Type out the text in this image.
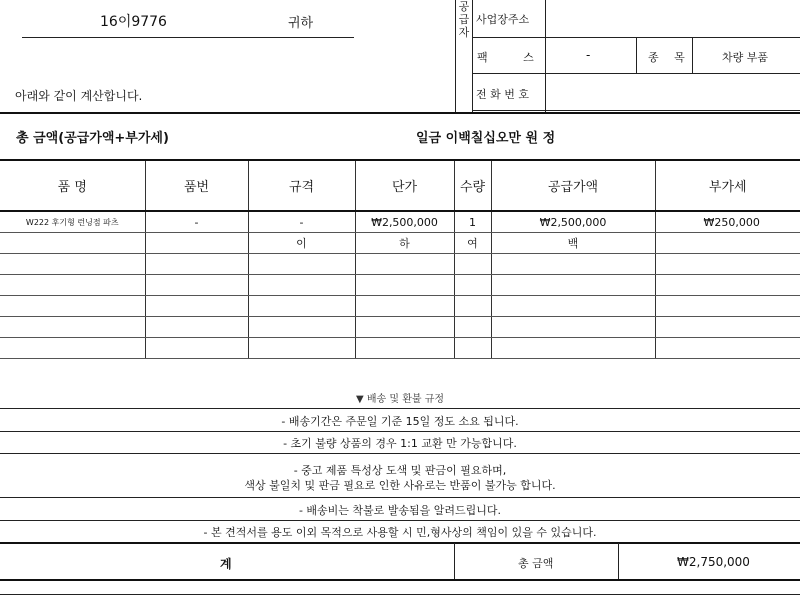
16이9776	귀하
아래와 같이 계산합니다.
공급자
사업장주소
팩 스	-	종 목	차량 부품
전 화 번 호
총 금액(공급가액+부가세)	일금 이백칠십오만 원 정
품 명	품번	규격	단가	수량	공급가액	부가세
W222 후기형 런닝점 파츠	-	-	₩2,500,000	1	₩2,500,000	₩250,000
		이	하	여	백	

▼ 배송 및 환불 규정
- 배송기간은 주문일 기준 15일 정도 소요 됩니다.
- 초기 불량 상품의 경우 1:1 교환 만 가능합니다.
- 중고 제품 특성상 도색 및 판금이 필요하며,
색상 불일치 및 판금 필요로 인한 사유로는 반품이 불가능 합니다.
- 배송비는 착불로 발송됨을 알려드립니다.
- 본 견적서를 용도 이외 목적으로 사용할 시 민,형사상의 책임이 있을 수 있습니다.
계	총 금액	₩2,750,000
